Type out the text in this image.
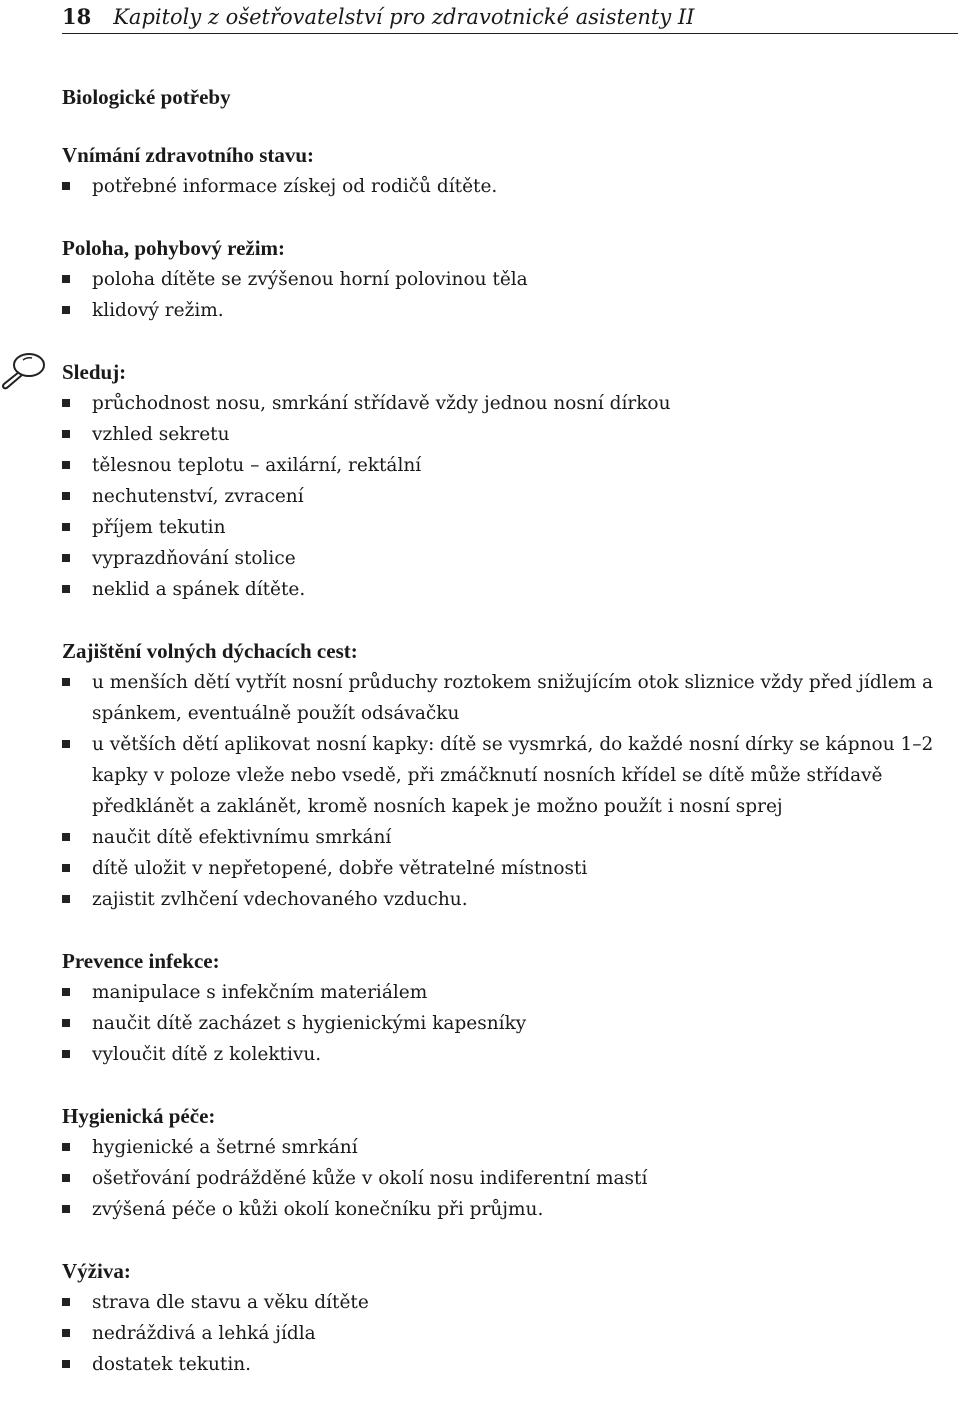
18 Kapitoly z ošetřovatelství pro zdravotnické asistenty II
Biologické potřeby
Vnímání zdravotního stavu:
potřebné informace získej od rodičů dítěte.
Poloha, pohybový režim:
poloha dítěte se zvýšenou horní polovinou těla
klidový režim.
Sleduj:
průchodnost nosu, smrkání střídavě vždy jednou nosní dírkou
vzhled sekretu
tělesnou teplotu – axilární, rektální
nechutenství, zvracení
příjem tekutin
vyprazdňování stolice
neklid a spánek dítěte.
Zajištění volných dýchacích cest:
u menších dětí vytřít nosní průduchy roztokem snižujícím otok sliznice vždy před jídlem a spánkem, eventuálně použít odsávačku
u větších dětí aplikovat nosní kapky: dítě se vysmrká, do každé nosní dírky se kápnou 1–2 kapky v poloze vleže nebo vsedě, při zmáčknutí nosních křídel se dítě může střídavě předklánět a zaklánět, kromě nosních kapek je možno použít i nosní sprej
naučit dítě efektivnímu smrkání
dítě uložit v nepřetopené, dobře větratelné místnosti
zajistit zvlhčení vdechovaného vzduchu.
Prevence infekce:
manipulace s infekčním materiálem
naučit dítě zacházet s hygienickými kapesníky
vyloučit dítě z kolektivu.
Hygienická péče:
hygienické a šetrné smrkání
ošetřování podrážděné kůže v okolí nosu indiferentní mastí
zvýšená péče o kůži okolí konečníku při průjmu.
Výživa:
strava dle stavu a věku dítěte
nedráždivá a lehká jídla
dostatek tekutin.
